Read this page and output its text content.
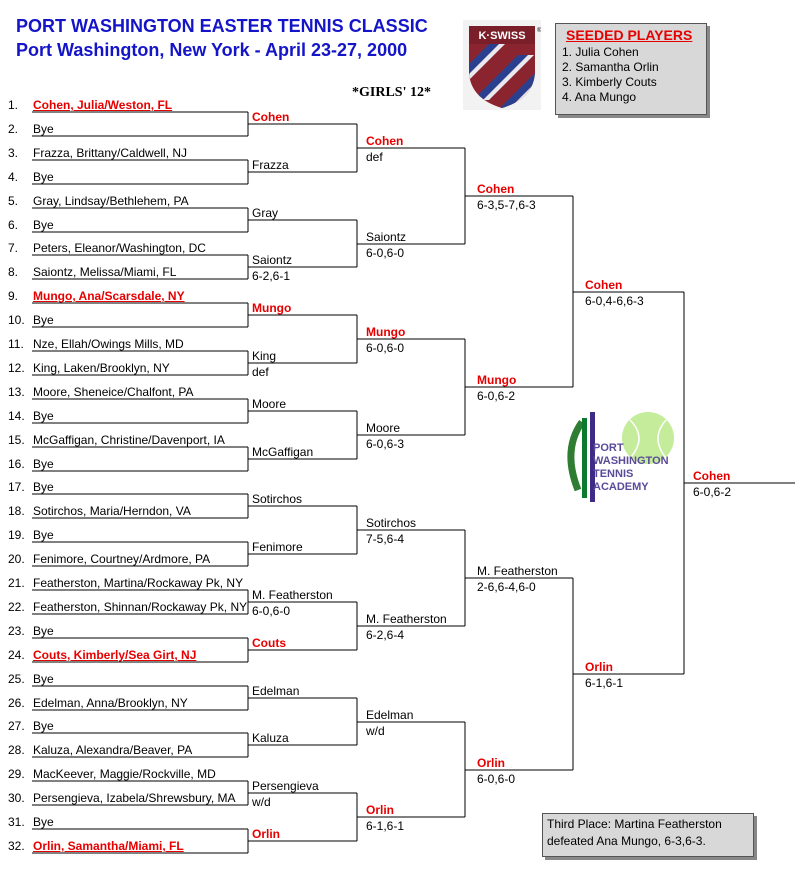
PORT WASHINGTON EASTER TENNIS CLASSIC
Port Washington, New York - April 23-27, 2000
*GIRLS' 12*
K·SWISS ® SEEDED PLAYERS
1. Julia Cohen
2. Samantha Orlin
3. Kimberly Couts
4. Ana Mungo
PORT
WASHINGTON
TENNIS
ACADEMY
Third Place: Martina Featherston
defeated Ana Mungo, 6-3,6-3.
1. Cohen, Julia/Weston, FL
2. Bye
3. Frazza, Brittany/Caldwell, NJ
4. Bye
5. Gray, Lindsay/Bethlehem, PA
6. Bye
7. Peters, Eleanor/Washington, DC
8. Saiontz, Melissa/Miami, FL
9. Mungo, Ana/Scarsdale, NY
10. Bye
11. Nze, Ellah/Owings Mills, MD
12. King, Laken/Brooklyn, NY
13. Moore, Sheneice/Chalfont, PA
14. Bye
15. McGaffigan, Christine/Davenport, IA
16. Bye
17. Bye
18. Sotirchos, Maria/Herndon, VA
19. Bye
20. Fenimore, Courtney/Ardmore, PA
21. Featherston, Martina/Rockaway Pk, NY
22. Featherston, Shinnan/Rockaway Pk, NY
23. Bye
24. Couts, Kimberly/Sea Girt, NJ
25. Bye
26. Edelman, Anna/Brooklyn, NY
27. Bye
28. Kaluza, Alexandra/Beaver, PA
29. MacKeever, Maggie/Rockville, MD
30. Persengieva, Izabela/Shrewsbury, MA
31. Bye
32. Orlin, Samantha/Miami, FL
Cohen
Frazza
Gray
Saiontz
6-2,6-1
Mungo
King
def
Moore
McGaffigan
Sotirchos
Fenimore
M. Featherston
6-0,6-0
Couts
Edelman
Kaluza
Persengieva
w/d
Orlin
Cohen
def
Saiontz
6-0,6-0
Mungo
6-0,6-0
Moore
6-0,6-3
Sotirchos
7-5,6-4
M. Featherston
6-2,6-4
Edelman
w/d
Orlin
6-1,6-1
Cohen
6-3,5-7,6-3
Mungo
6-0,6-2
M. Featherston
2-6,6-4,6-0
Orlin
6-0,6-0
Cohen
6-0,4-6,6-3
Orlin
6-1,6-1
Cohen
6-0,6-2
